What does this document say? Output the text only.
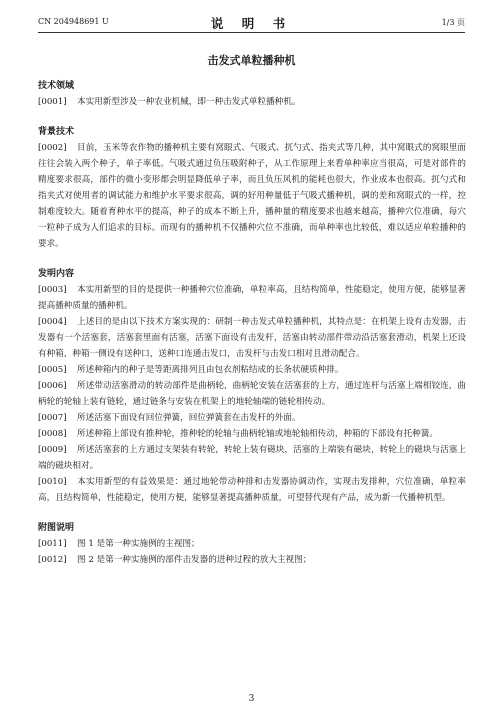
CN 204948691 U	说 明 书	1/3 页
击发式单粒播种机
技术领域
[0001] 本实用新型涉及一种农业机械，即一种击发式单粒播种机。
背景技术
[0002] 目前，玉米等农作物的播种机主要有窝眼式、气吸式、扤勺式、指夹式等几种，其中窝眼式的窝眼里面往往会装入两个种子，单子率低。气吸式通过负压吸附种子，从工作原理上来看单种率应当很高，可是对部件的精度要求很高，部件的微小变形都会明显降低单子率，而且负压风机的能耗也很大，作业成本也很高。扤勺式和指夹式对使用者的调试能力和维护水平要求很高，调的好用种量低于气吸式播种机，调的差和窝眼式的一样，控制难度较大。随着育种水平的提高，种子的成本不断上升，播种量的精度要求也越来越高，播种穴位准确，每穴一粒种子成为人们追求的目标。而现有的播种机不仅播种穴位不准确，而单种率也比较低，难以适应单粒播种的要求。
发明内容
[0003] 本实用新型的目的是提供一种播种穴位准确，单粒率高，且结构简单，性能稳定，使用方便，能够显著提高播种质量的播种机。
[0004] 上述目的是由以下技术方案实现的：研制一种击发式单粒播种机，其特点是：在机架上设有击发器，击发器有一个活塞套，活塞套里面有活塞，活塞下面设有击发杆，活塞由转动部件带动沿活塞套滑动，机架上还设有种箱，种箱一侧设有送种口，送种口连通击发口，击发杆与击发口相对且滑动配合。
[0005] 所述种箱内的种子是等距离排列且由包衣剂粘结成的长条状硬质种排。
[0006] 所述带动活塞滑动的转动部件是曲柄轮，曲柄轮安装在活塞套的上方，通过连杆与活塞上端相铰连，曲柄轮的轮轴上装有链轮，通过链条与安装在机架上的地轮轴端的链轮相传动。
[0007] 所述活塞下面设有回位弹簧，回位弹簧套在击发杆的外面。
[0008] 所述种箱上部设有推种轮，推种轮的轮轴与曲柄轮轴或地轮轴相传动，种箱的下部设有托种簧。
[0009] 所述活塞套的上方通过支架装有转轮，转轮上装有磁块，活塞的上端装有磁块，转轮上的磁块与活塞上端的磁块相对。
[0010] 本实用新型的有益效果是：通过地轮带动种排和击发器协调动作，实现击发排种，穴位准确，单粒率高，且结构简单，性能稳定，使用方便，能够显著提高播种质量，可望替代现有产品，成为新一代播种机型。
附图说明
[0011] 图 1 是第一种实施例的主视图；
[0012] 图 2 是第一种实施例的部件击发器的进种过程的放大主视图；
3
